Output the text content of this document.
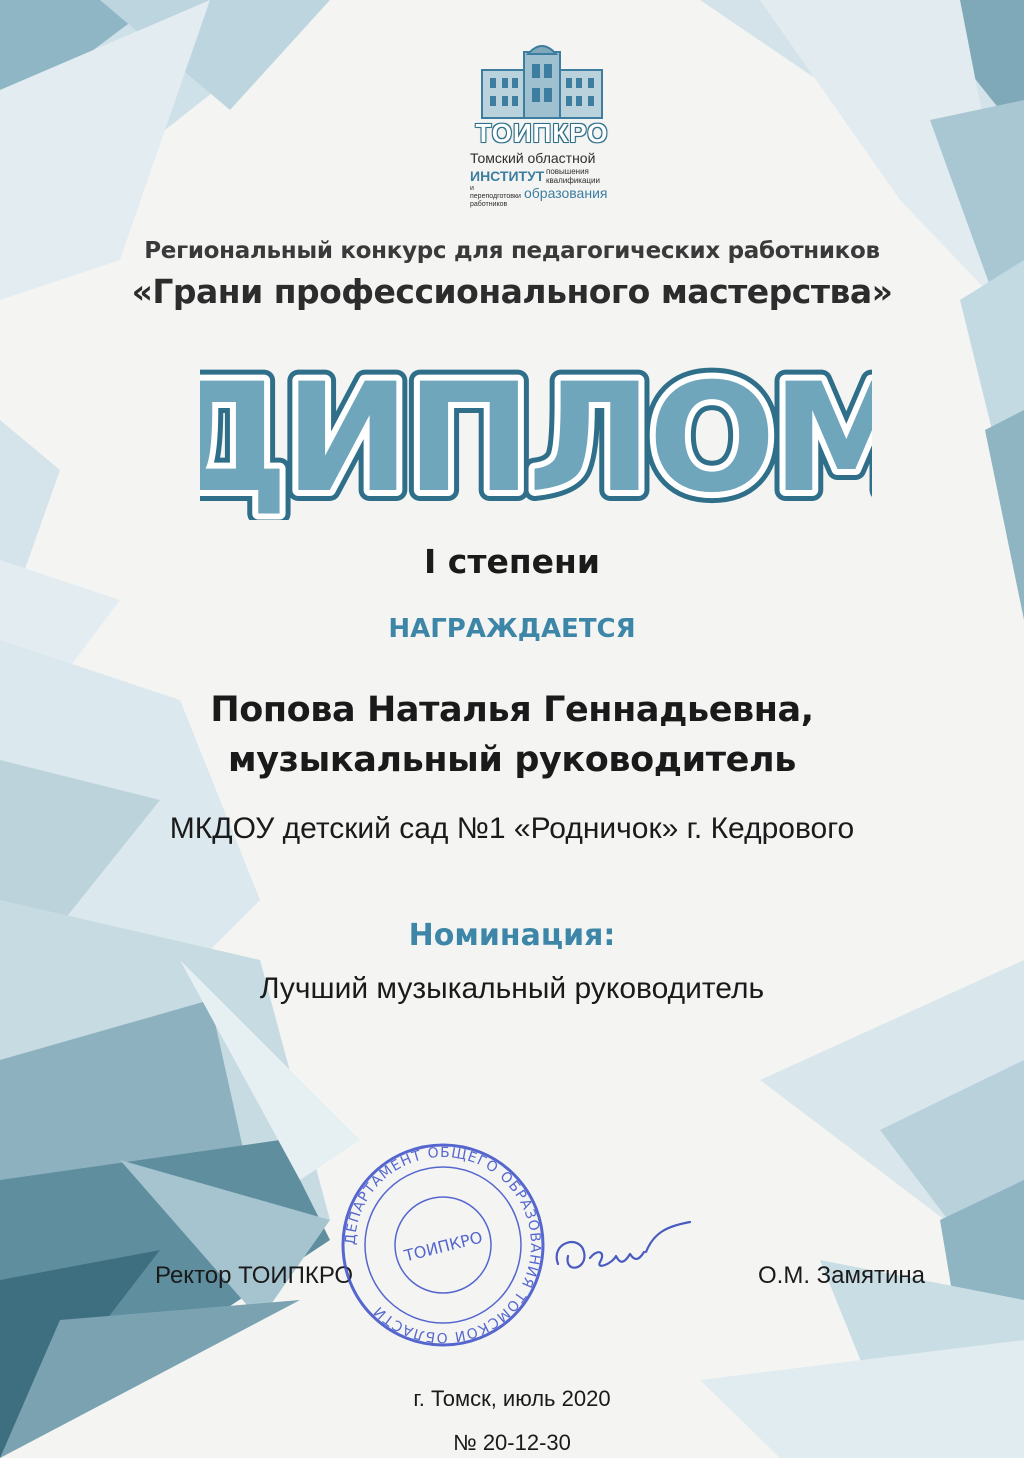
ТОИПКРО
Томский областной
ИНСТИТУТ повышения квалификации
и переподготовки работников
образования
Региональный конкурс для педагогических работников
«Грани профессионального мастерства»
ДИПЛОМ
ДИПЛОМ
ДИПЛОМ
I степени
НАГРАЖДАЕТСЯ
Попова Наталья Геннадьевна,
музыкальный руководитель
МКДОУ детский сад №1 «Родничок» г. Кедрового
Номинация:
Лучший музыкальный руководитель
Ректор ТОИПКРО
ДЕПАРТАМЕНТ ОБЩЕГО ОБРАЗОВАНИЯ ТОМСКОЙ ОБЛАСТИ
ТОИПКРО
О.М. Замятина
г. Томск, июль 2020
№ 20-12-30
